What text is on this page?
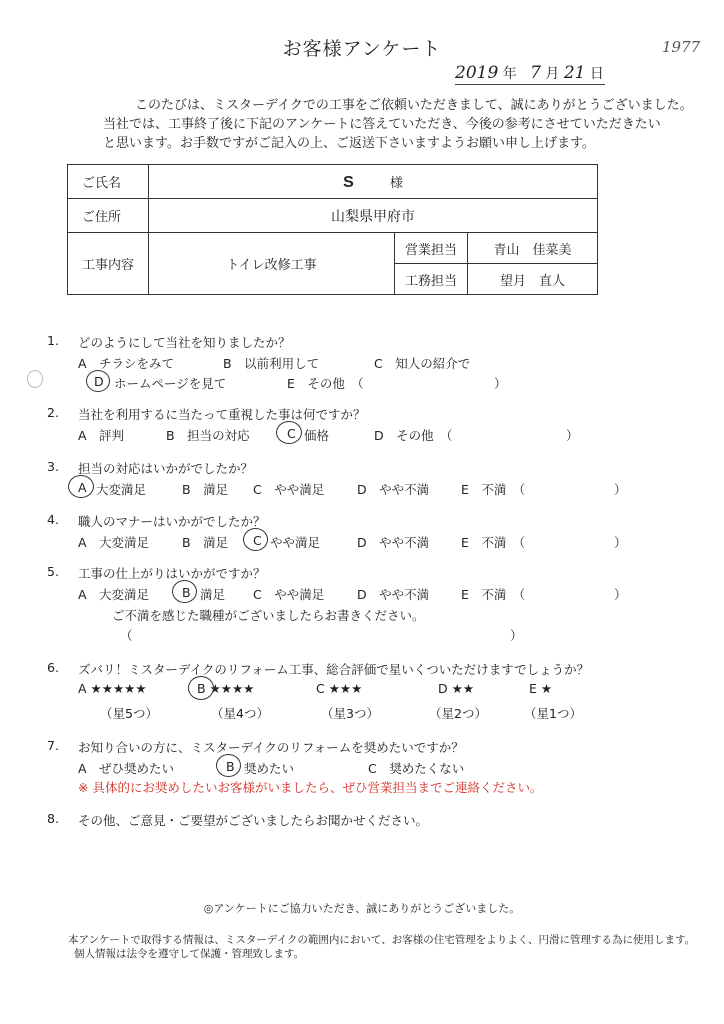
お客様アンケート	1977
2019 年 7 月 21 日
このたびは、ミスターデイクでの工事をご依頼いただきまして、誠にありがとうございました。
当社では、工事終了後に下記のアンケートに答えていただき、今後の参考にさせていただきたい
と思います。お手数ですがご記入の上、ご返送下さいますようお願い申し上げます。
ご氏名	S 様		
ご住所	山梨県甲府市		
工事内容	トイレ改修工事	営業担当	青山　佳菜美
		工務担当	望月　直人
1. どのようにして当社を知りましたか？
A　チラシをみて	B　以前利用して	C　知人の紹介で
D ホームページを見て	E　その他　（	）
2. 当社を利用するに当たって重視した事は何ですか？
A　評判	B　担当の対応	C 価格	D　その他　（	）
3. 担当の対応はいかがでしたか？
A 大変満足	B　満足 C　やや満足	D　やや不満	E　不満　（	）
4. 職人のマナーはいかがでしたか？
A　大変満足	B　満足 C やや満足	D　やや不満	E　不満　（	）
5. 工事の仕上がりはいかがですか？
A　大変満足	B 満足 C　やや満足	D　やや不満	E　不満　（	）
ご不満を感じた職種がございましたらお書きください。
（	）
6. ズバリ！ミスターデイクのリフォーム工事、総合評価で星いくついただけますでしょうか？
A ★★★★★	B ★★★★	C ★★★	D ★★	E ★
（星5つ）	（星4つ）	（星3つ）	（星2つ）	（星1つ）
7. お知り合いの方に、ミスターデイクのリフォームを奨めたいですか？
A　ぜひ奨めたい	B 奨めたい	C　奨めたくない
※ 具体的にお奨めしたいお客様がいましたら、ぜひ営業担当までご連絡ください。
8. その他、ご意見・ご要望がございましたらお聞かせください。
◎アンケートにご協力いただき、誠にありがとうございました。
本アンケートで取得する情報は、ミスターデイクの範囲内において、お客様の住宅管理をよりよく、円滑に管理する為に使用します。
個人情報は法令を遵守して保護・管理致します。
